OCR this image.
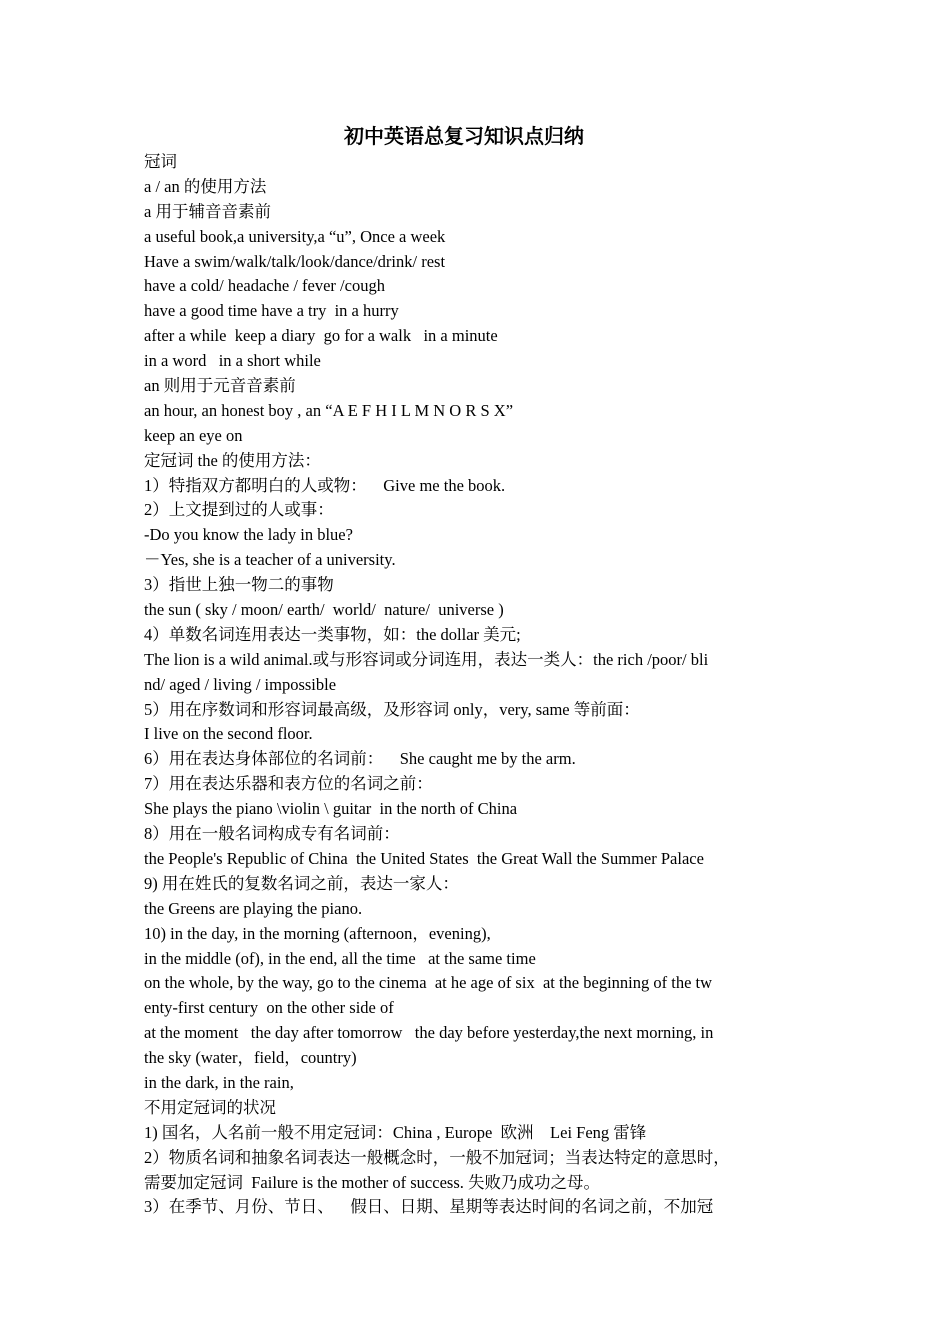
初中英语总复习知识点归纳
冠词
a / an 的使用方法
a 用于辅音音素前
a useful book,a university,a “u”, Once a week
Have a swim/walk/talk/look/dance/drink/ rest
have a cold/ headache / fever /cough
have a good time have a try  in a hurry
after a while  keep a diary  go for a walk   in a minute
in a word   in a short while
an 则用于元音音素前
an hour, an honest boy , an “A E F H I L M N O R S X”
keep an eye on
定冠词 the 的使用方法：
1）特指双方都明白的人或物：    Give me the book.
2）上文提到过的人或事：
-Do you know the lady in blue?
－Yes, she is a teacher of a university.
3）指世上独一物二的事物
the sun ( sky / moon/ earth/  world/  nature/  universe )
4）单数名词连用表达一类事物，如：the dollar 美元;
The lion is a wild animal.或与形容词或分词连用，表达一类人：the rich /poor/ bli
nd/ aged / living / impossible
5）用在序数词和形容词最高级，及形容词 only，very, same 等前面：
I live on the second floor.
6）用在表达身体部位的名词前：    She caught me by the arm.
7）用在表达乐器和表方位的名词之前：
She plays the piano \violin \ guitar  in the north of China
8）用在一般名词构成专有名词前：
the People's Republic of China  the United States  the Great Wall the Summer Palace
9) 用在姓氏的复数名词之前，表达一家人：
the Greens are playing the piano.
10) in the day, in the morning (afternoon，evening),
in the middle (of), in the end, all the time   at the same time
on the whole, by the way, go to the cinema  at he age of six  at the beginning of the tw
enty-first century  on the other side of
at the moment   the day after tomorrow   the day before yesterday,the next morning, in
the sky (water，field，country)
in the dark, in the rain,
不用定冠词的状况
1) 国名，人名前一般不用定冠词：China , Europe  欧洲    Lei Feng 雷锋
2）物质名词和抽象名词表达一般概念时，一般不加冠词；当表达特定的意思时，
需要加定冠词  Failure is the mother of success. 失败乃成功之母。
3）在季节、月份、节日、    假日、日期、星期等表达时间的名词之前，不加冠
